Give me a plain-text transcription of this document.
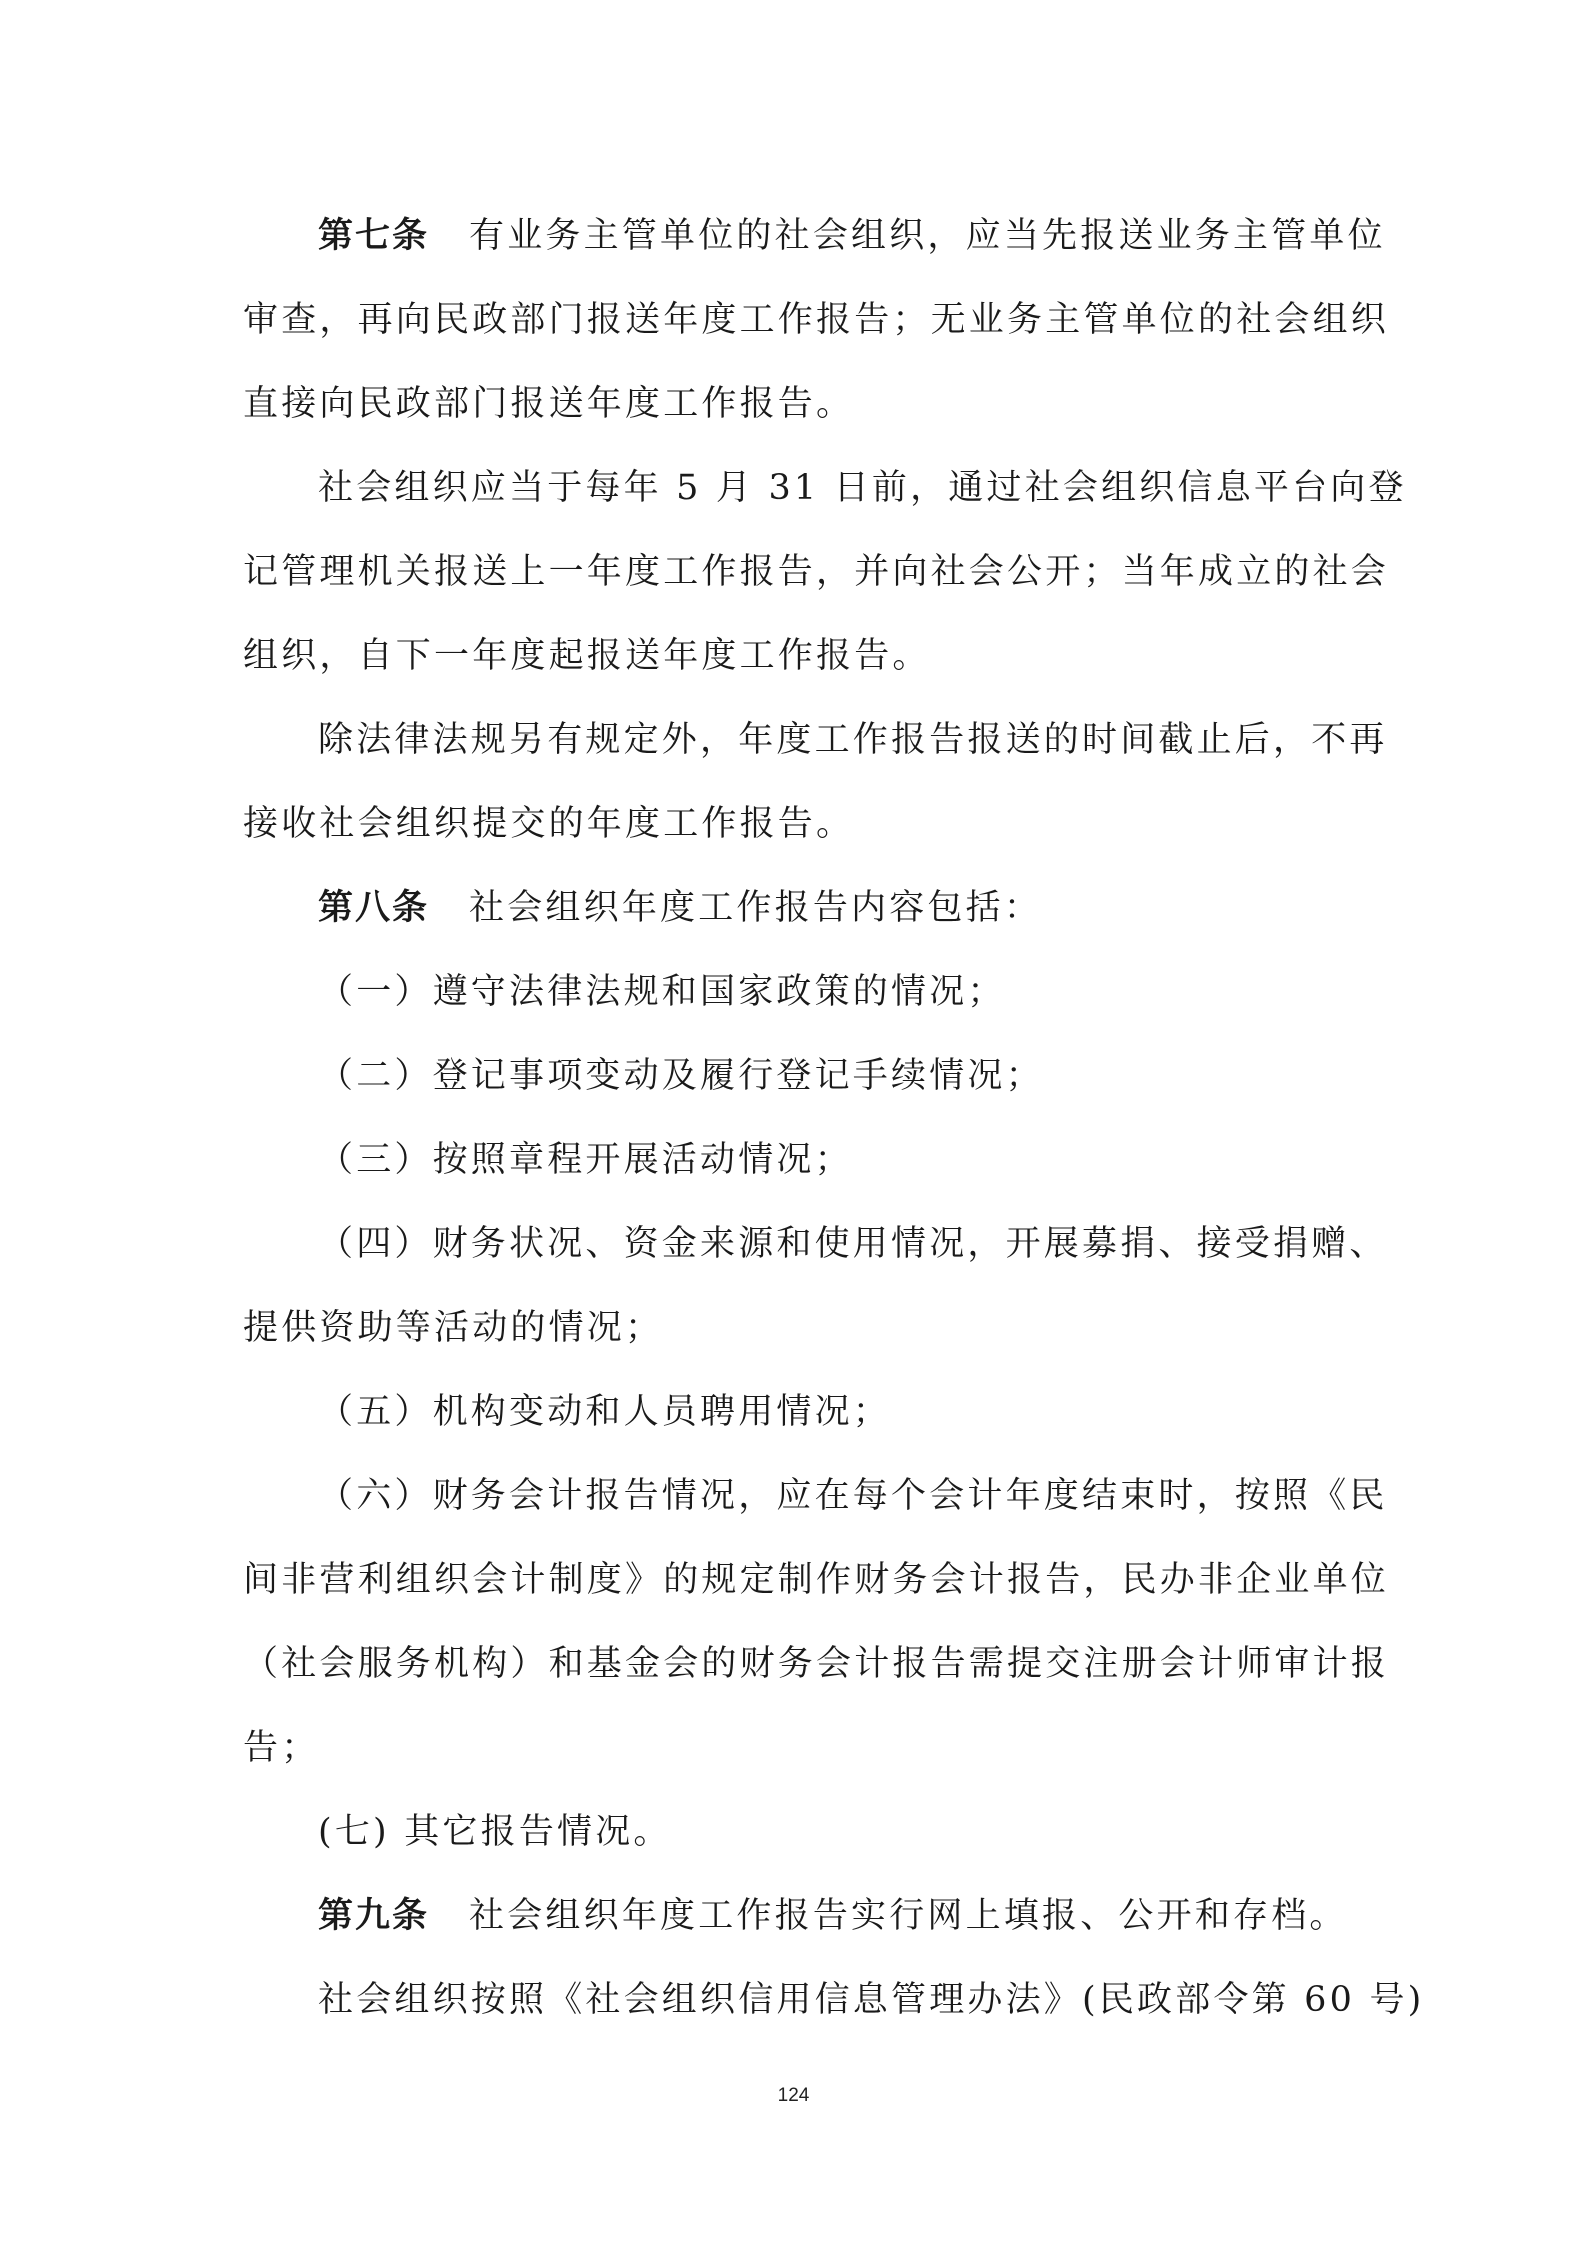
第七条 有业务主管单位的社会组织，应当先报送业务主管单位
审查，再向民政部门报送年度工作报告；无业务主管单位的社会组织
直接向民政部门报送年度工作报告。
社会组织应当于每年 5 月 31 日前，通过社会组织信息平台向登
记管理机关报送上一年度工作报告，并向社会公开；当年成立的社会
组织，自下一年度起报送年度工作报告。
除法律法规另有规定外，年度工作报告报送的时间截止后，不再
接收社会组织提交的年度工作报告。
第八条 社会组织年度工作报告内容包括：
（一）遵守法律法规和国家政策的情况；
（二）登记事项变动及履行登记手续情况；
（三）按照章程开展活动情况；
（四）财务状况、资金来源和使用情况，开展募捐、接受捐赠、
提供资助等活动的情况；
（五）机构变动和人员聘用情况；
（六）财务会计报告情况，应在每个会计年度结束时，按照《民
间非营利组织会计制度》的规定制作财务会计报告，民办非企业单位
（社会服务机构）和基金会的财务会计报告需提交注册会计师审计报
告；
(七) 其它报告情况。
第九条 社会组织年度工作报告实行网上填报、公开和存档。
社会组织按照《社会组织信用信息管理办法》(民政部令第 60 号)
124
